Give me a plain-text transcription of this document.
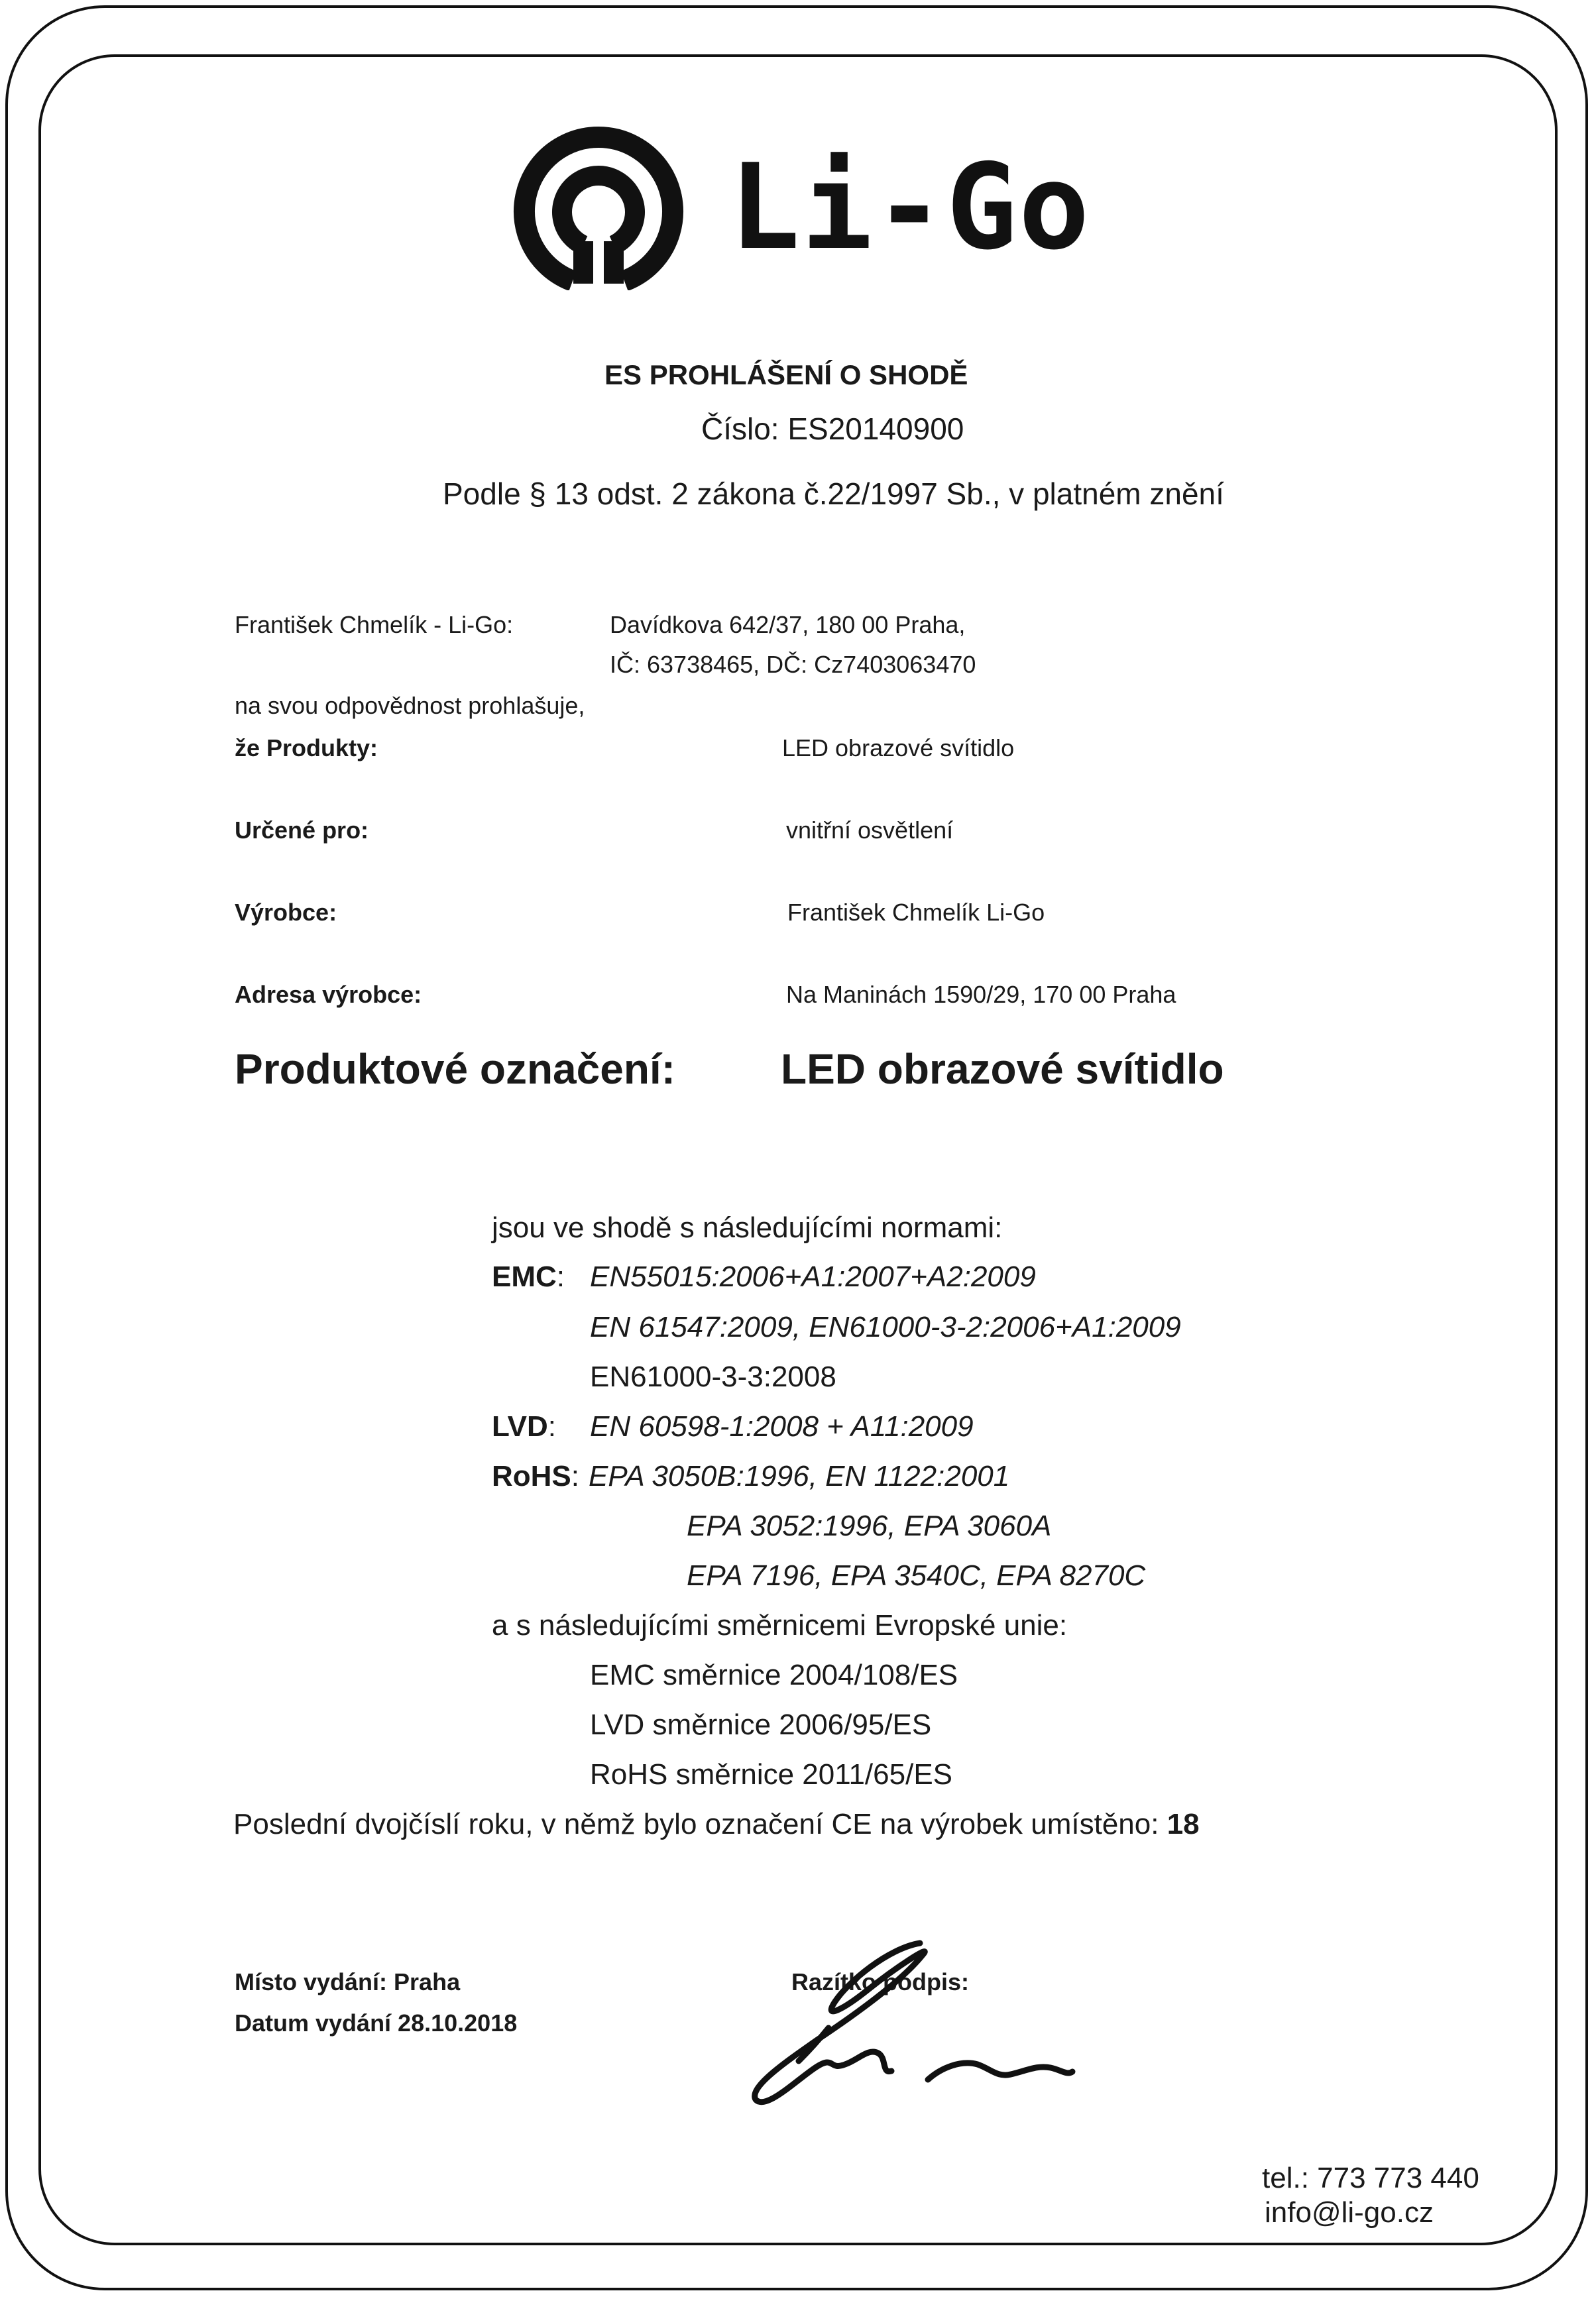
Li-Go
ES PROHLÁŠENÍ O SHODĚ
Číslo: ES20140900
Podle § 13 odst. 2 zákona č.22/1997 Sb., v platném znění
František Chmelík - Li-Go:	Davídkova 642/37, 180 00 Praha,
IČ: 63738465, DČ: Cz7403063470
na svou odpovědnost prohlašuje,
že Produkty:	LED obrazové svítidlo
Určené pro:	vnitřní osvětlení
Výrobce:	František Chmelík Li-Go
Adresa výrobce:	Na Maninách 1590/29, 170 00 Praha
Produktové označení: LED obrazové svítidlo
jsou ve shodě s následujícími normami:
EMC: EN55015:2006+A1:2007+A2:2009
EN 61547:2009, EN61000-3-2:2006+A1:2009
EN61000-3-3:2008
LVD: EN 60598-1:2008 + A11:2009
RoHS: EPA 3050B:1996, EN 1122:2001
EPA 3052:1996, EPA 3060A
EPA 7196, EPA 3540C, EPA 8270C
a s následujícími směrnicemi Evropské unie:
EMC směrnice 2004/108/ES
LVD směrnice 2006/95/ES
RoHS směrnice 2011/65/ES
Poslední dvojčíslí roku, v němž bylo označení CE na výrobek umístěno: 18
Místo vydání: Praha
Datum vydání 28.10.2018
Razítko podpis:
tel.: 773 773 440
info@li-go.cz
